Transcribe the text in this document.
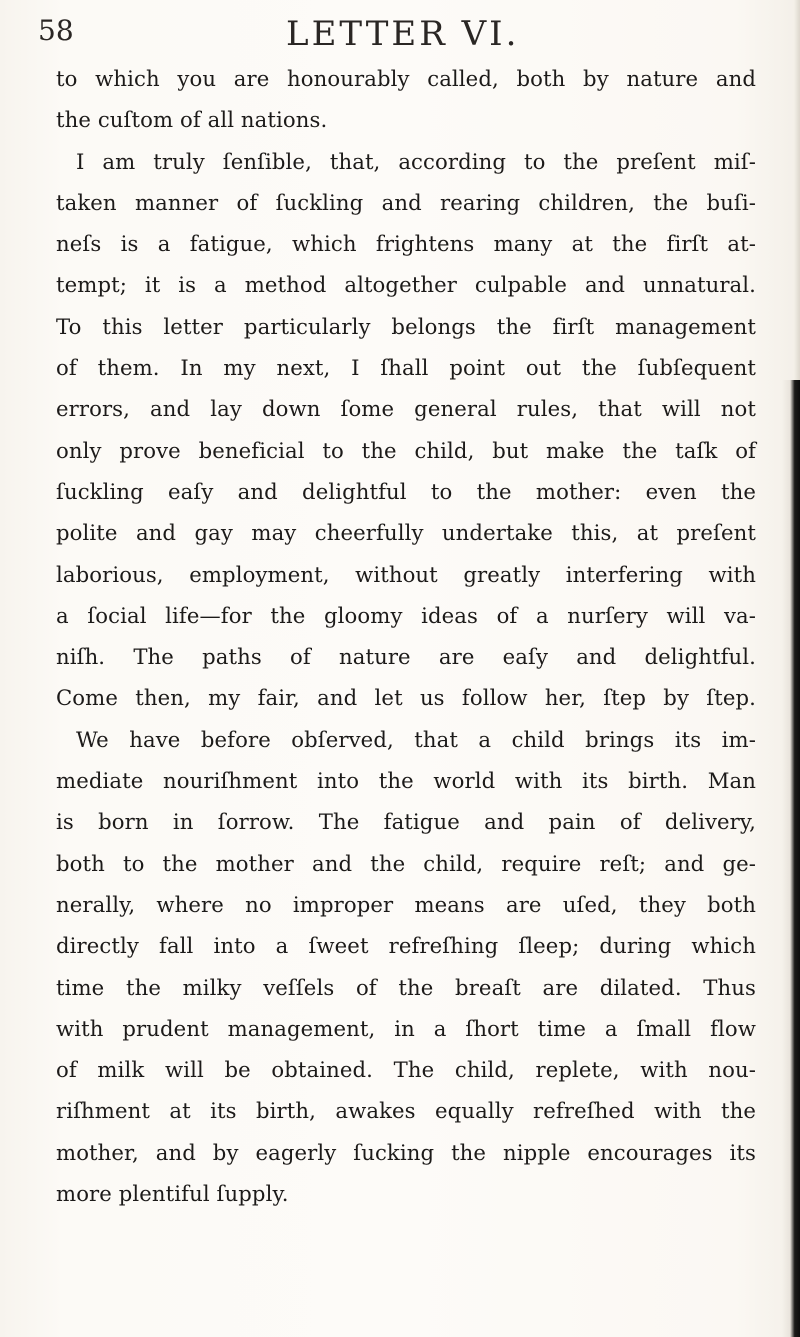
58	LETTER VI.
to which you are honourably called, both by nature and
the cuſtom of all nations.
I am truly ſenſible, that, according to the preſent miſ-
taken manner of ſuckling and rearing children, the buſi-
neſs is a fatigue, which frightens many at the firſt at-
tempt; it is a method altogether culpable and unnatural.
To this letter particularly belongs the firſt management
of them. In my next, I ſhall point out the ſubſequent
errors, and lay down ſome general rules, that will not
only prove beneficial to the child, but make the taſk of
ſuckling eaſy and delightful to the mother: even the
polite and gay may cheerfully undertake this, at preſent
laborious, employment, without greatly interfering with
a ſocial life—for the gloomy ideas of a nurſery will va-
niſh. The paths of nature are eaſy and delightful.
Come then, my fair, and let us follow her, ſtep by ſtep.
We have before obſerved, that a child brings its im-
mediate nouriſhment into the world with its birth. Man
is born in ſorrow. The fatigue and pain of delivery,
both to the mother and the child, require reſt; and ge-
nerally, where no improper means are uſed, they both
directly fall into a ſweet refreſhing ſleep; during which
time the milky veſſels of the breaſt are dilated. Thus
with prudent management, in a ſhort time a ſmall flow
of milk will be obtained. The child, replete, with nou-
riſhment at its birth, awakes equally refreſhed with the
mother, and by eagerly ſucking the nipple encourages its
more plentiful ſupply.
